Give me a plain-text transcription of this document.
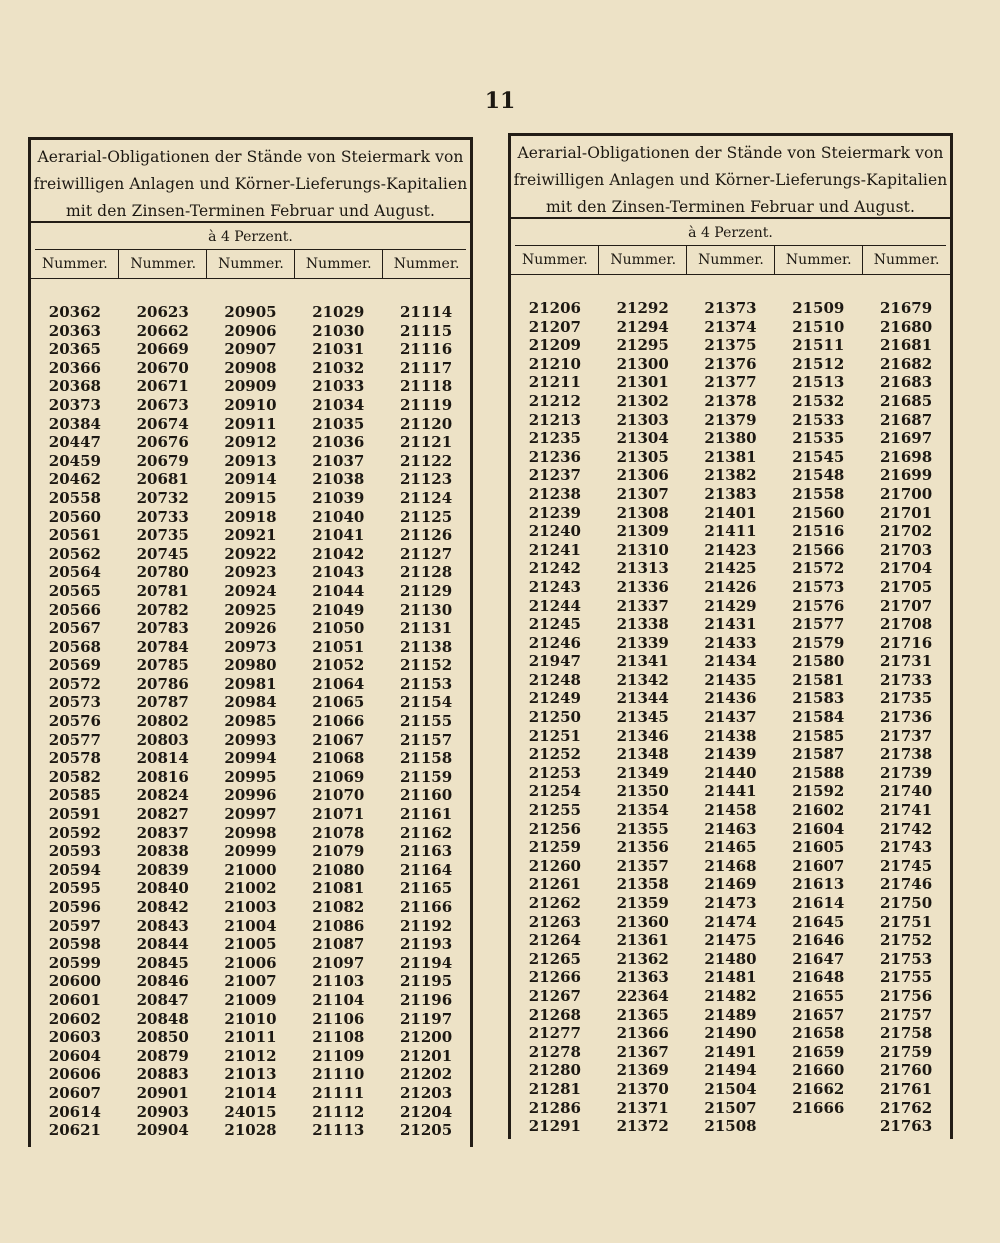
11
Aerarial-Obligationen der Stände von Steiermark von
freiwilligen Anlagen und Körner-Lieferungs-Kapitalien
mit den Zinsen-Terminen Februar und August.
à 4 Perzent.
Nummer.
20362
20363
20365
20366
20368
20373
20384
20447
20459
20462
20558
20560
20561
20562
20564
20565
20566
20567
20568
20569
20572
20573
20576
20577
20578
20582
20585
20591
20592
20593
20594
20595
20596
20597
20598
20599
20600
20601
20602
20603
20604
20606
20607
20614
20621
Nummer.
20623
20662
20669
20670
20671
20673
20674
20676
20679
20681
20732
20733
20735
20745
20780
20781
20782
20783
20784
20785
20786
20787
20802
20803
20814
20816
20824
20827
20837
20838
20839
20840
20842
20843
20844
20845
20846
20847
20848
20850
20879
20883
20901
20903
20904
Nummer.
20905
20906
20907
20908
20909
20910
20911
20912
20913
20914
20915
20918
20921
20922
20923
20924
20925
20926
20973
20980
20981
20984
20985
20993
20994
20995
20996
20997
20998
20999
21000
21002
21003
21004
21005
21006
21007
21009
21010
21011
21012
21013
21014
24015
21028
Nummer.
21029
21030
21031
21032
21033
21034
21035
21036
21037
21038
21039
21040
21041
21042
21043
21044
21049
21050
21051
21052
21064
21065
21066
21067
21068
21069
21070
21071
21078
21079
21080
21081
21082
21086
21087
21097
21103
21104
21106
21108
21109
21110
21111
21112
21113
Nummer.
21114
21115
21116
21117
21118
21119
21120
21121
21122
21123
21124
21125
21126
21127
21128
21129
21130
21131
21138
21152
21153
21154
21155
21157
21158
21159
21160
21161
21162
21163
21164
21165
21166
21192
21193
21194
21195
21196
21197
21200
21201
21202
21203
21204
21205
Aerarial-Obligationen der Stände von Steiermark von
freiwilligen Anlagen und Körner-Lieferungs-Kapitalien
mit den Zinsen-Terminen Februar und August.
à 4 Perzent.
Nummer.
21206
21207
21209
21210
21211
21212
21213
21235
21236
21237
21238
21239
21240
21241
21242
21243
21244
21245
21246
21947
21248
21249
21250
21251
21252
21253
21254
21255
21256
21259
21260
21261
21262
21263
21264
21265
21266
21267
21268
21277
21278
21280
21281
21286
21291
Nummer.
21292
21294
21295
21300
21301
21302
21303
21304
21305
21306
21307
21308
21309
21310
21313
21336
21337
21338
21339
21341
21342
21344
21345
21346
21348
21349
21350
21354
21355
21356
21357
21358
21359
21360
21361
21362
21363
22364
21365
21366
21367
21369
21370
21371
21372
Nummer.
21373
21374
21375
21376
21377
21378
21379
21380
21381
21382
21383
21401
21411
21423
21425
21426
21429
21431
21433
21434
21435
21436
21437
21438
21439
21440
21441
21458
21463
21465
21468
21469
21473
21474
21475
21480
21481
21482
21489
21490
21491
21494
21504
21507
21508
Nummer.
21509
21510
21511
21512
21513
21532
21533
21535
21545
21548
21558
21560
21516
21566
21572
21573
21576
21577
21579
21580
21581
21583
21584
21585
21587
21588
21592
21602
21604
21605
21607
21613
21614
21645
21646
21647
21648
21655
21657
21658
21659
21660
21662
21666
Nummer.
21679
21680
21681
21682
21683
21685
21687
21697
21698
21699
21700
21701
21702
21703
21704
21705
21707
21708
21716
21731
21733
21735
21736
21737
21738
21739
21740
21741
21742
21743
21745
21746
21750
21751
21752
21753
21755
21756
21757
21758
21759
21760
21761
21762
21763
